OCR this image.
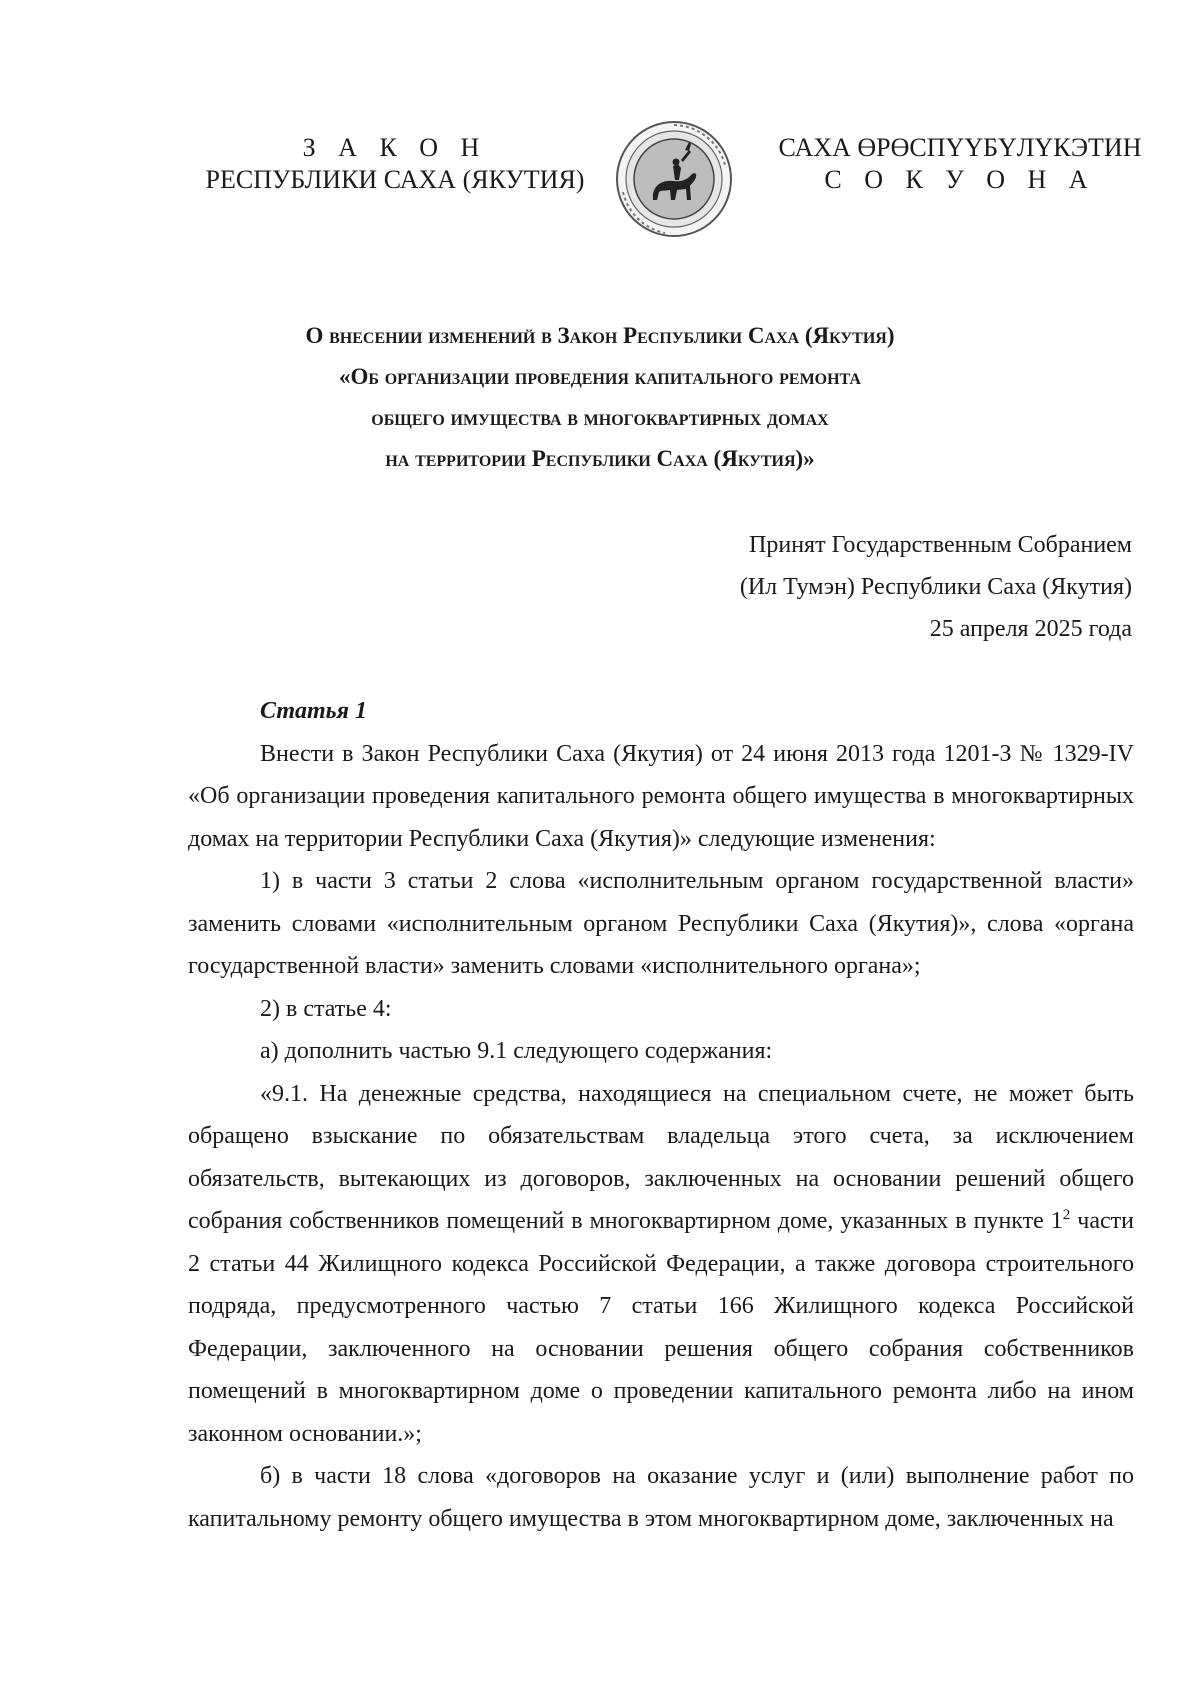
З А К О Н
РЕСПУБЛИКИ САХА (ЯКУТИЯ)
САХА ӨРӨСПҮҮБҮЛҮКЭТИН
С О К У О Н А
О внесении изменений в Закон Республики Саха (Якутия)
«Об организации проведения капитального ремонта
общего имущества в многоквартирных домах
на территории Республики Саха (Якутия)»
Принят Государственным Собранием
(Ил Тумэн) Республики Саха (Якутия)
25 апреля 2025 года
Статья 1

Внести в Закон Республики Саха (Якутия) от 24 июня 2013 года 1201-З № 1329-IV «Об организации проведения капитального ремонта общего имущества в многоквартирных домах на территории Республики Саха (Якутия)» следующие изменения:

1) в части 3 статьи 2 слова «исполнительным органом государственной власти» заменить словами «исполнительным органом Республики Саха (Якутия)», слова «органа государственной власти» заменить словами «исполнительного органа»;

2) в статье 4:

а) дополнить частью 9.1 следующего содержания:

«9.1. На денежные средства, находящиеся на специальном счете, не может быть обращено взыскание по обязательствам владельца этого счета, за исключением обязательств, вытекающих из договоров, заключенных на основании решений общего собрания собственников помещений в многоквартирном доме, указанных в пункте $1^2$ части 2 статьи 44 Жилищного кодекса Российской Федерации, а также договора строительного подряда, предусмотренного частью 7 статьи 166 Жилищного кодекса Российской Федерации, заключенного на основании решения общего собрания собственников помещений в многоквартирном доме о проведении капитального ремонта либо на ином законном основании.»;

б) в части 18 слова «договоров на оказание услуг и (или) выполнение работ по капитальному ремонту общего имущества в этом многоквартирном доме, заключенных на
